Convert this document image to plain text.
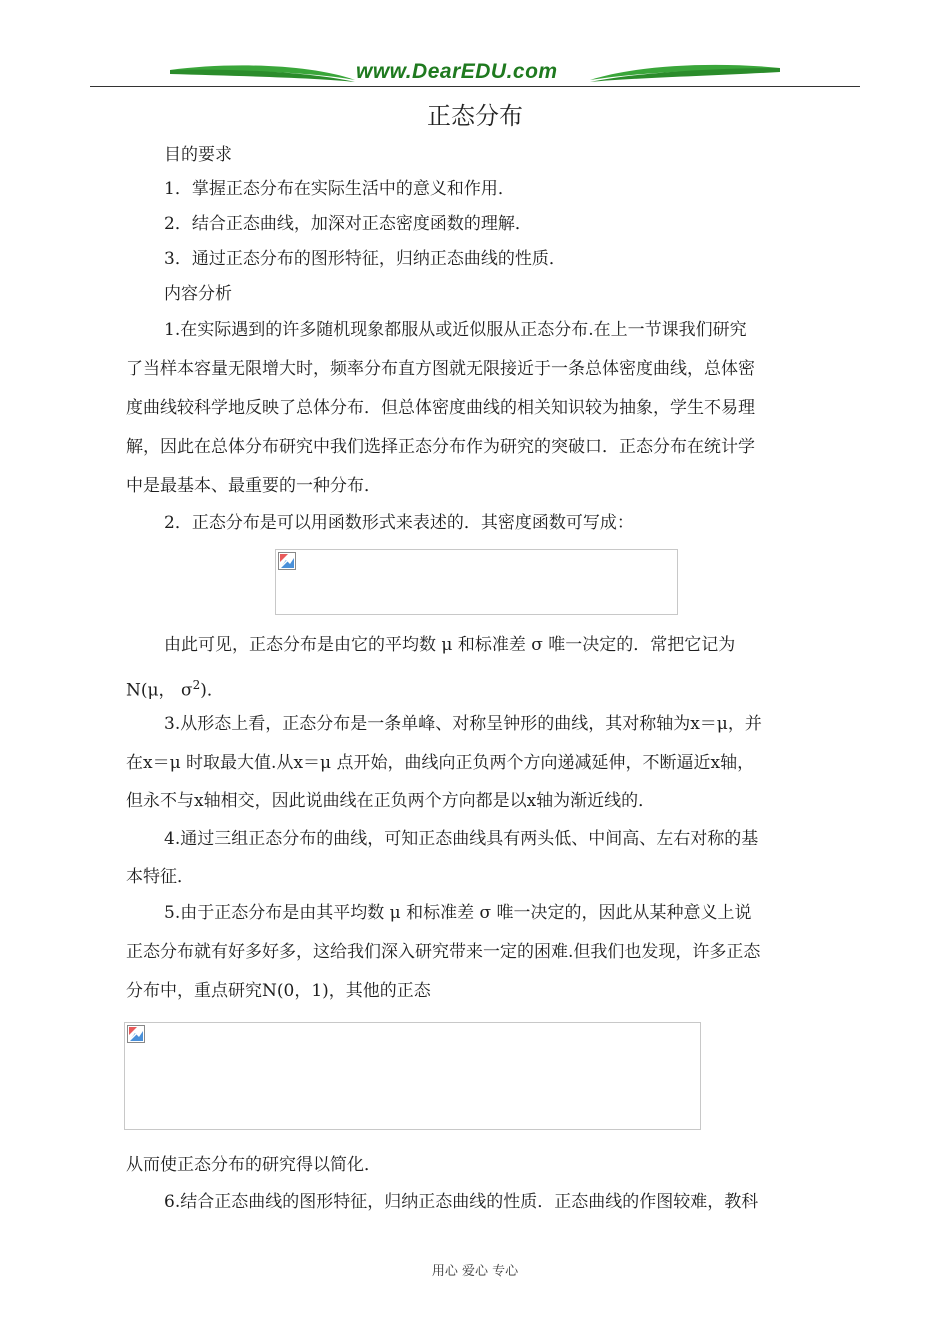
www.DearEDU.com
正态分布
目的要求
1．掌握正态分布在实际生活中的意义和作用．
2．结合正态曲线，加深对正态密度函数的理解．
3．通过正态分布的图形特征，归纳正态曲线的性质．
内容分析
1.在实际遇到的许多随机现象都服从或近似服从正态分布.在上一节课我们研究
了当样本容量无限增大时，频率分布直方图就无限接近于一条总体密度曲线，总体密
度曲线较科学地反映了总体分布．但总体密度曲线的相关知识较为抽象，学生不易理
解，因此在总体分布研究中我们选择正态分布作为研究的突破口．正态分布在统计学
中是最基本、最重要的一种分布．
2．正态分布是可以用函数形式来表述的．其密度函数可写成：
由此可见，正态分布是由它的平均数 μ 和标准差 σ 唯一决定的．常把它记为
N(μ， $\sigma^2$)．
3.从形态上看，正态分布是一条单峰、对称呈钟形的曲线，其对称轴为x＝μ，并
在x＝μ 时取最大值.从x＝μ 点开始，曲线向正负两个方向递减延伸，不断逼近x轴，
但永不与x轴相交，因此说曲线在正负两个方向都是以x轴为渐近线的．
4.通过三组正态分布的曲线，可知正态曲线具有两头低、中间高、左右对称的基
本特征．
5.由于正态分布是由其平均数 μ 和标准差 σ 唯一决定的，因此从某种意义上说
正态分布就有好多好多，这给我们深入研究带来一定的困难.但我们也发现，许多正态
分布中，重点研究N(0，1)，其他的正态
从而使正态分布的研究得以简化．
6.结合正态曲线的图形特征，归纳正态曲线的性质．正态曲线的作图较难，教科
用心 爱心 专心
